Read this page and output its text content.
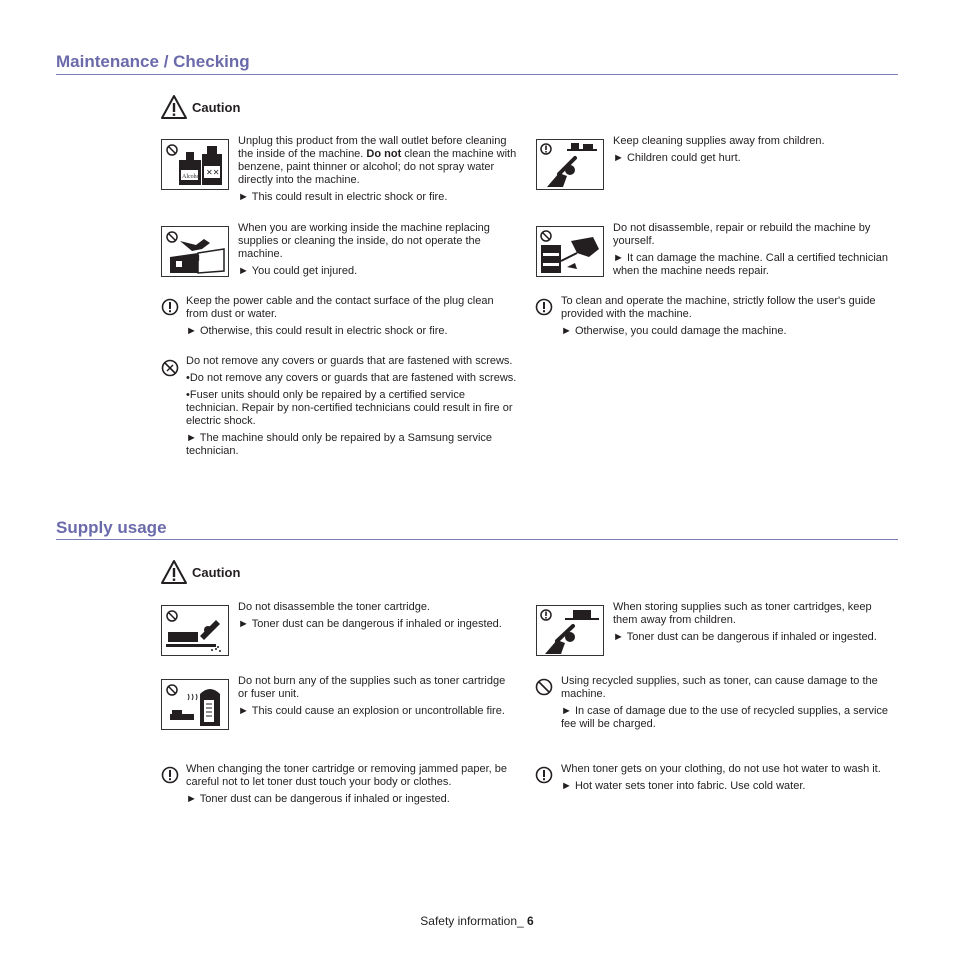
Maintenance / Checking
Caution
Alcohol ✕✕

Unplug this product from the wall outlet before cleaning the inside of the machine. Do not clean the machine with benzene, paint thinner or alcohol; do not spray water directly into the machine.

► This could result in electric shock or fire.

Keep cleaning supplies away from children.

► Children could get hurt.

N

When you are working inside the machine replacing supplies or cleaning the inside, do not operate the machine.

► You could get injured.

Do not disassemble, repair or rebuild the machine by yourself.

► It can damage the machine. Call a certified technician when the machine needs repair.

Keep the power cable and the contact surface of the plug clean from dust or water.

► Otherwise, this could result in electric shock or fire.

To clean and operate the machine, strictly follow the user's guide provided with the machine.

► Otherwise, you could damage the machine.

Do not remove any covers or guards that are fastened with screws.

•Do not remove any covers or guards that are fastened with screws.

•Fuser units should only be repaired by a certified service technician. Repair by non-certified technicians could result in fire or electric shock.

► The machine should only be repaired by a Samsung service technician.

Supply usage
Caution

Do not disassemble the toner cartridge.

► Toner dust can be dangerous if inhaled or ingested.

When storing supplies such as toner cartridges, keep them away from children.

► Toner dust can be dangerous if inhaled or ingested.

Do not burn any of the supplies such as toner cartridge or fuser unit.

► This could cause an explosion or uncontrollable fire.

Using recycled supplies, such as toner, can cause damage to the machine.

► In case of damage due to the use of recycled supplies, a service fee will be charged.

When changing the toner cartridge or removing jammed paper, be careful not to let toner dust touch your body or clothes.

► Toner dust can be dangerous if inhaled or ingested.

When toner gets on your clothing, do not use hot water to wash it.

► Hot water sets toner into fabric. Use cold water.

Safety information_ 6
